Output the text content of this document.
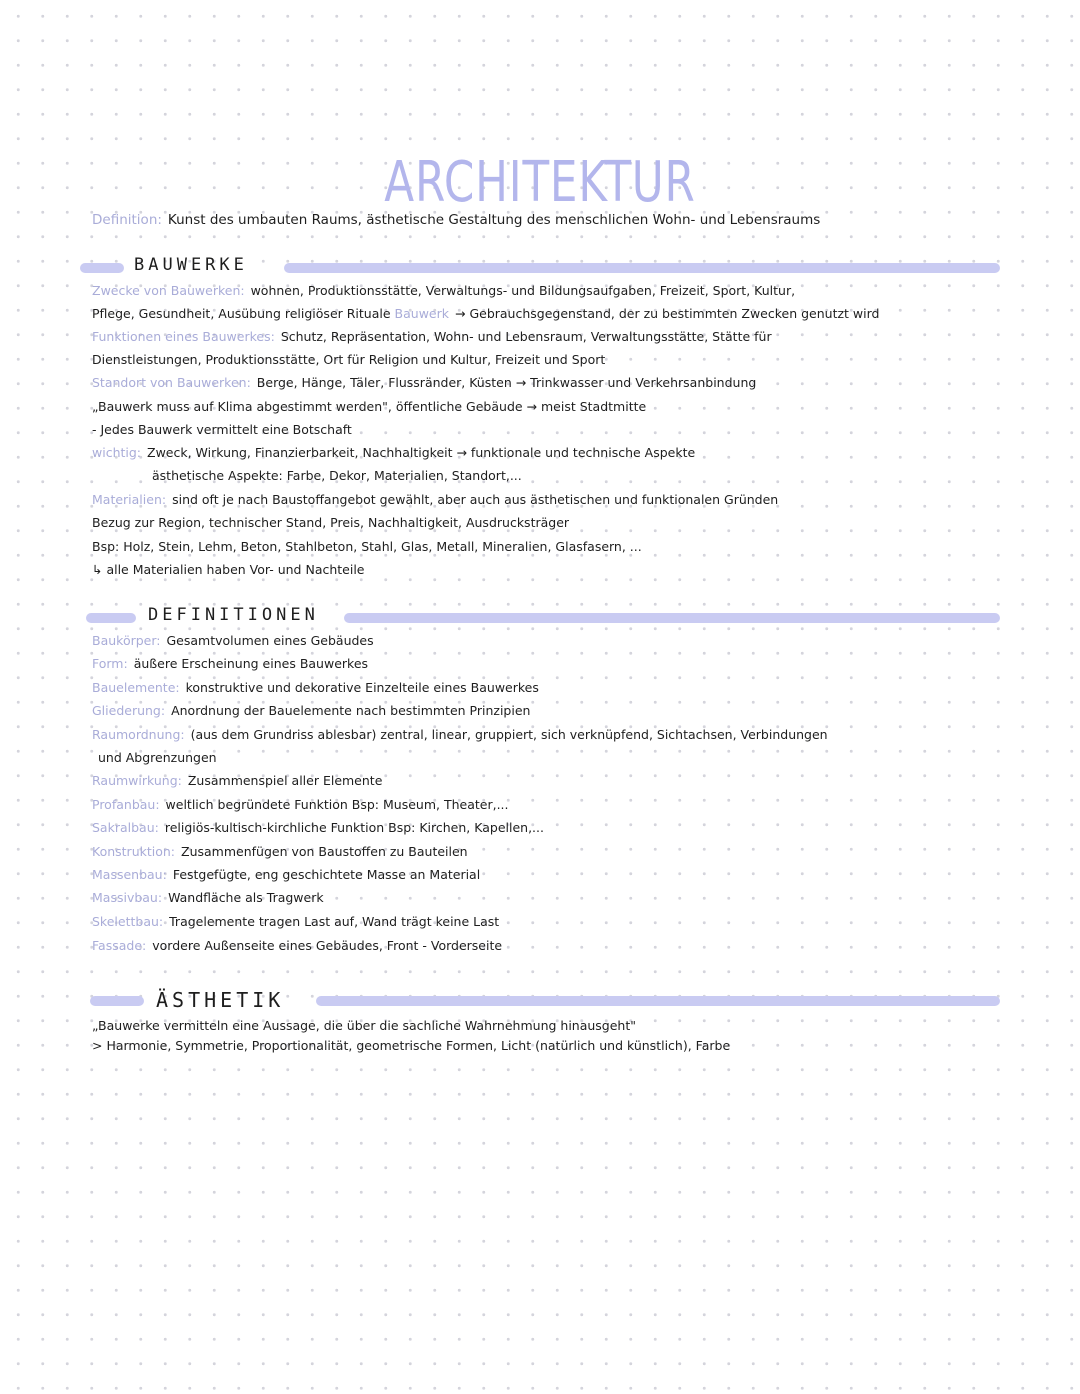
ARCHITEKTUR
Definition: Kunst des umbauten Raums, ästhetische Gestaltung des menschlichen Wohn- und Lebensraums
BAUWERKE
Zwecke von Bauwerken: wohnen, Produktionsstätte, Verwaltungs- und Bildungsaufgaben, Freizeit, Sport, Kultur,
Pflege, Gesundheit, Ausübung religiöser Rituale Bauwerk → Gebrauchsgegenstand, der zu bestimmten Zwecken genutzt wird
Funktionen eines Bauwerkes: Schutz, Repräsentation, Wohn- und Lebensraum, Verwaltungsstätte, Stätte für
Dienstleistungen, Produktionsstätte, Ort für Religion und Kultur, Freizeit und Sport
Standort von Bauwerken: Berge, Hänge, Täler, Flussränder, Küsten → Trinkwasser und Verkehrsanbindung
„Bauwerk muss auf Klima abgestimmt werden", öffentliche Gebäude → meist Stadtmitte
- Jedes Bauwerk vermittelt eine Botschaft
wichtig: Zweck, Wirkung, Finanzierbarkeit, Nachhaltigkeit → funktionale und technische Aspekte
ästhetische Aspekte: Farbe, Dekor, Materialien, Standort,...
Materialien: sind oft je nach Baustoffangebot gewählt, aber auch aus ästhetischen und funktionalen Gründen
Bezug zur Region, technischer Stand, Preis, Nachhaltigkeit, Ausdrucksträger
Bsp: Holz, Stein, Lehm, Beton, Stahlbeton, Stahl, Glas, Metall, Mineralien, Glasfasern, ...
↳ alle Materialien haben Vor- und Nachteile
DEFINITIONEN
Baukörper: Gesamtvolumen eines Gebäudes
Form: äußere Erscheinung eines Bauwerkes
Bauelemente: konstruktive und dekorative Einzelteile eines Bauwerkes
Gliederung: Anordnung der Bauelemente nach bestimmten Prinzipien
Raumordnung: (aus dem Grundriss ablesbar) zentral, linear, gruppiert, sich verknüpfend, Sichtachsen, Verbindungen
und Abgrenzungen
Raumwirkung: Zusammenspiel aller Elemente
Profanbau: weltlich begründete Funktion Bsp: Museum, Theater,...
Sakralbau: religiös-kultisch-kirchliche Funktion Bsp: Kirchen, Kapellen,...
Konstruktion: Zusammenfügen von Baustoffen zu Bauteilen
Massenbau: Festgefügte, eng geschichtete Masse an Material
Massivbau: Wandfläche als Tragwerk
Skelettbau: Tragelemente tragen Last auf, Wand trägt keine Last
Fassade: vordere Außenseite eines Gebäudes, Front - Vorderseite
ÄSTHETIK
„Bauwerke vermitteln eine Aussage, die über die sachliche Wahrnehmung hinausgeht"
> Harmonie, Symmetrie, Proportionalität, geometrische Formen, Licht (natürlich und künstlich), Farbe
